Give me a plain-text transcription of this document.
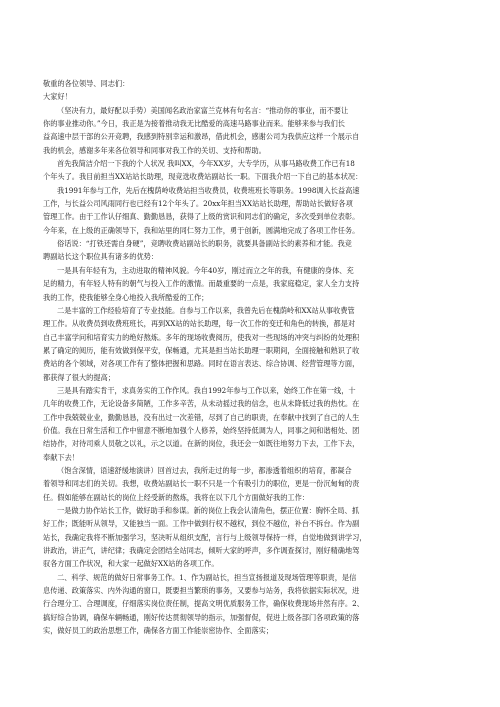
敬重的各位领导、同志们：
大家好！
（坚决有力，最好配以手势）美国闻名政治家富兰克林有句名言：“推动你的事业，而不要让
你的事业推动你。”今日，我正是为接着推动我无比酷爱的高速马路事业而来。能够来参与我们长
益高速中层干部的公开竞聘，我感到特别幸运和激昂，借此机会，感谢公司为我供应这样一个展示自
我的机会，感谢多年来各位领导和同事对我工作的关切、支持和帮助。
首先我简洁介绍一下我的个人状况 我叫XX，今年XX岁，大专学历，从事马路收费工作已有18
个年头了。我目前担当XX站站长助理，现竞选收费站副站长一职。下面我介绍一下自己的基本状况：
我1991年参与工作，先后在槐荫岭收费站担当收费员，收费班班长等职务。1998调入长益高速
工作，与长益公司风雨同行也已经有12个年头了。20xx年担当XX站站长助理，帮助站长做好各项
管理工作。由于工作认仔细真、勤勤恳恳，获得了上级的赏识和同志们的确定，多次受到单位表彰。
今年来，在上级的正确领导下，我和站里的同仁努力工作，勇于创新，圆满地完成了各项工作任务。
俗话说：“打铁还需自身硬”，竞聘收费站副站长的职务，就要具备副站长的素养和才能。我竞
聘副站长这个职位具有诸多的优势：
一是具有年轻有为，主动进取的精神风貌。今年40岁，刚过而立之年的我，有健康的身体、充
足的精力，有年轻人特有的朝气与投入工作的激情。而最重要的一点是，我家庭稳定，家人全力支持
我的工作，使我能够全身心地投入我所酷爱的工作；
二是丰富的工作经验培育了专业技能。自参与工作以来，我曾先后在槐荫岭和XX站从事收费管
理工作。从收费员到收费班班长，再到XX站的站长助理，每一次工作的变迁和角色的转换，都是对
自己丰富学问和培育实力的绝好熬炼。多年的现场收费阅历，使我对一些现场的冲突与纠纷的处理积
累了确定的阅历，能有效做到保平安，保畅通，尤其是担当站长助理一职期间，全面接触和熟识了收
费站的各个领域，对各项工作有了整体把握和思路。同时在语言表达、综合协调、经营管理等方面，
都获得了很大的提高；
三是具有踏实肯干，求真务实的工作作风。我自1992年参与工作以来，始终工作在第一线，十
几年的收费工作，无论设备多简陋，工作多辛苦，从未动摇过我的信念，也从未降低过我的热忱。在
工作中我兢兢业业，勤勤恳恳，没有出过一次差错，尽到了自己的职责，在奉献中找到了自己的人生
价值。我在日常生活和工作中留意不断地加强个人修养，始终坚持低调为人，同事之间和谐相处、团
结协作，对待司乘人员敬之以礼，示之以道。在新的岗位，我还会一如既往地努力下去，工作下去，
奉献下去！
（饱含深情，语速舒缓地演讲）回首过去，我所走过的每一步，都渗透着组织的培育，都凝合
着领导和同志们的关切。我想，收费站副站长一职不只是一个有吸引力的职位，更是一份沉甸甸的责
任。假如能够在副站长的岗位上经受新的熬炼，我将在以下几个方面做好我的工作：
一是做力协作站长工作，做好助手和参谋。新的岗位上我会认清角色，摆正位置：胸怀全局、抓
好工作；既能听从领导，又能独当一面。工作中做到行权不越权，到位不越位，补台不拆台。作为副
站长，我确定我将不断加强学习，坚决听从组织支配，言行与上级领导保持一样，自觉地做到讲学习，
讲政治，讲正气，讲纪律；我确定会团结全站同志，倾听大家的呼声，多作调查探讨，刚好精确地驾
驭各方面工作状况，和大家一起做好XX站的各项工作。
二、科学、规范的做好日常事务工作。1、作为副站长，担当宣扬报道及现场管理等职责，是信
息传递、政策落实、内外沟通的窗口，既要担当繁琐的事务，又要参与站务，我将依据实际状况，进
行合理分工、合理调度，仔细落实岗位责任制，提高文明优质服务工作，确保收费现场井然有序。2、
搞好综合协调，确保车辆畅通，刚好传达贯彻领导的指示，加强督促，促进上级各部门各项政策的落
实，做好员工的政治思想工作，确保各方面工作能崇密协作、全面落实；
